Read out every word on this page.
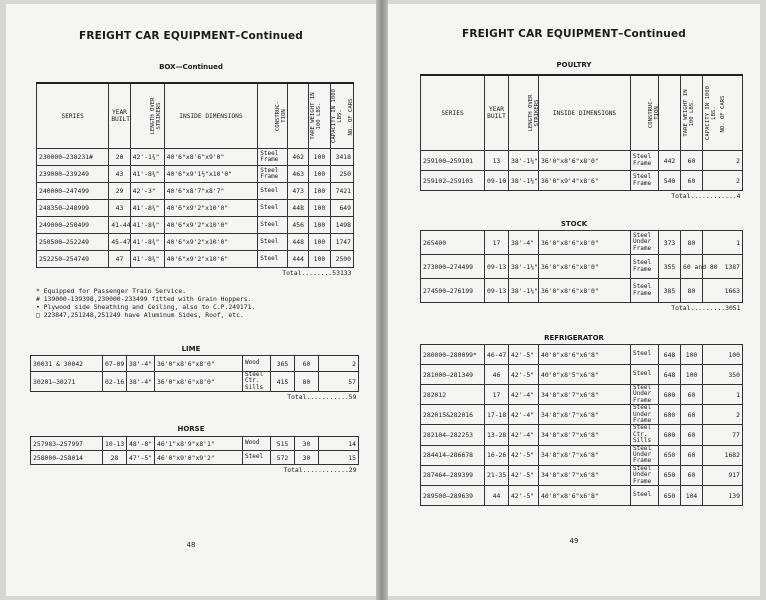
FREIGHT CAR EQUIPMENT–Continued
BOX—Continued
SERIES	YEAR BUILT	LENGTH OVER STRIKERS	INSIDE DIMENSIONS	CONSTRUC- TION	TARE WEIGHT IN 100 LBS.	CAPACITY IN 1000 LBS.	NO. OF CARS
230000–238231#	20	42'-1¾"	40'6"x8'6"x9'0"	Steel Frame	462	100	3418
239000–239249	43	41'-8¾"	40'6"x9'1½"x10'0"	Steel Frame	463	100	250
240000–247499	29	42'-3"	40'6"x8'7"x8'7"	Steel	473	100	7421
248350–248999	43	41'-8¾"	40'6"x9'2"x10'0"	Steel	448	100	649
249000–250499	41-44	41'-8¾"	40'6"x9'2"x10'0"	Steel	456	100	1498
250500–252249	45-47	41'-8¾"	40'6"x9'2"x10'0"	Steel	448	100	1747
252250–254749	47	41'-8¾"	40'6"x9'2"x10'6"	Steel	444	100	2500
Total........53133							
* Equipped for Passenger Train Service.
# 139000-139398,230000-233499 fitted with Grain Hoppers.
• Plywood side Sheathing and Ceiling, also to C.P.249171.
□ 223847,251248,251249 have Aluminum Sides, Roof, etc.
LIME
30031 & 30042	07-09	38'-4"	36'0"x8'6"x8'0"	Wood	365	60	2
30201–30271	02-16	38'-4"	36'0"x8'6"x8'0"	Steel Ctr. Sills	415	80	57
Total...........59							
HORSE
257983–257997	10-13	48'-8"	46'1"x8'9"x8'1"	Wood	515	30	14
258000–258014	28	47'-5"	46'0"x9'0"x9'2"	Steel	572	30	15
Total............29							
48
FREIGHT CAR EQUIPMENT–Continued
POULTRY
SERIES	YEAR BUILT	LENGTH OVER STRIKERS	INSIDE DIMENSIONS	CONSTRUC- TION	TARE WEIGHT IN 100 LBS.	CAPACITY IN 1000 LBS.	NO. OF CARS
259100–259101	13	38'-1¼"	36'0"x8'6"x8'0"	Steel Frame	442	60	2
259102–259103	09-10	38'-1¼"	36'0"x9'4"x8'6"	Steel Frame	540	60	2
Total............4							
STOCK
265400	17	38'-4"	36'0"x8'6"x8'0"	Steel Under Frame	373	80	1
273000–274499	09-13	38'-1¼"	36'0"x8'6"x8'0"	Steel Frame	355	60 and 80	1387
274500–276199	09-13	38'-1¼"	36'0"x8'6"x8'0"	Steel Frame	385	80	1663
Total.........3051							
REFRIGERATOR
280000–280099*	46-47	42'-5"	40'0"x8'6"x6'8"	Steel	648	100	100
281000–281349	46	42'-5"	40'0"x8'5"x6'8"	Steel	648	100	350
282012	17	42'-4"	34'8"x8'7"x6'8"	Steel Under Frame	600	60	1
282015&282016	17-18	42'-4"	34'8"x8'7"x6'8"	Steel Under Frame	600	60	2
282104–282253	13-28	42'-4"	34'8"x8'7"x6'8"	Steel Ctr. Sills	600	60	77
284414–286678	16-26	42'-5"	34'8"x8'7"x6'8"	Steel Under Frame	650	60	1682
287464–289399	21-35	42'-5"	34'8"x8'7"x6'8"	Steel Under Frame	650	60	917
289500–289639	44	42'-5"	40'0"x8'6"x6'8"	Steel	650	104	139
49
